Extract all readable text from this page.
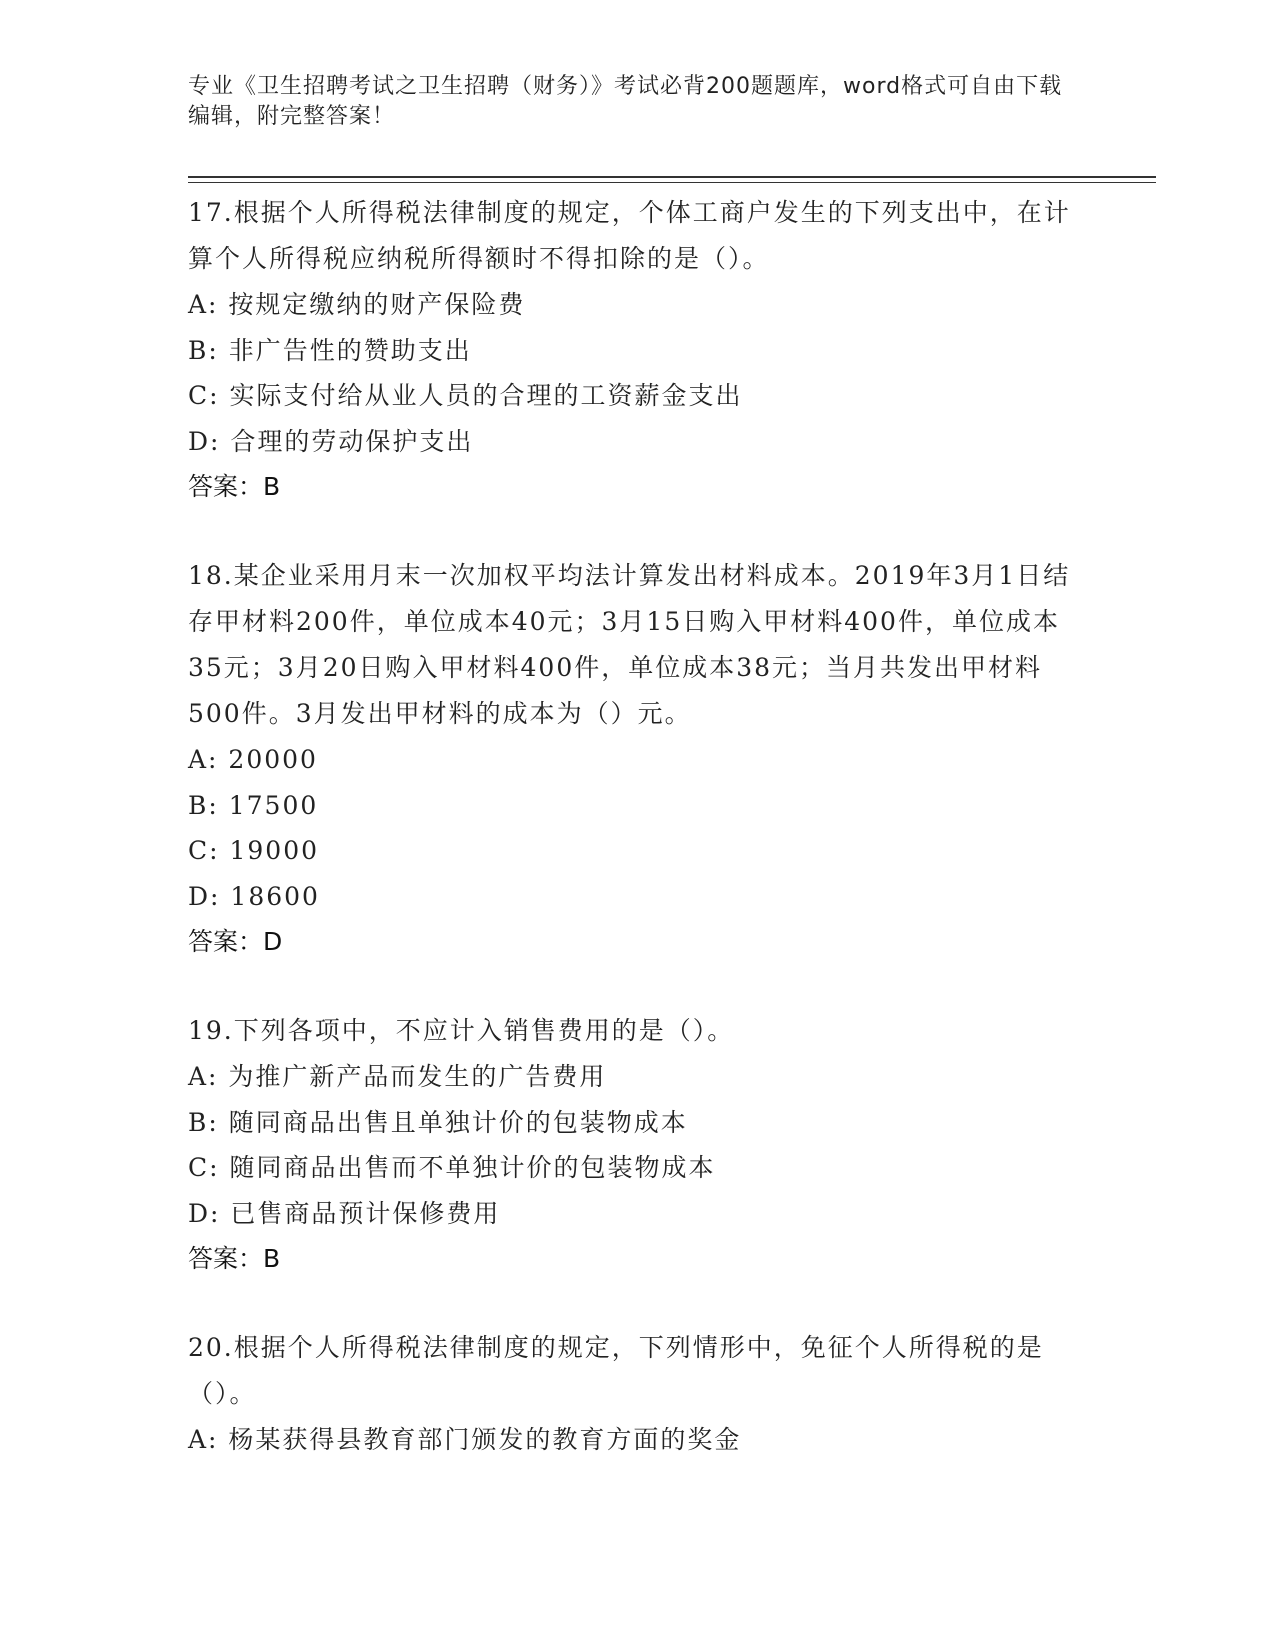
专业《卫生招聘考试之卫生招聘（财务）》考试必背200题题库，word格式可自由下载编辑，附完整答案！

17.根据个人所得税法律制度的规定，个体工商户发生的下列支出中，在计算个人所得税应纳税所得额时不得扣除的是（）。

A: 按规定缴纳的财产保险费

B: 非广告性的赞助支出

C: 实际支付给从业人员的合理的工资薪金支出

D: 合理的劳动保护支出

答案：B

18.某企业采用月末一次加权平均法计算发出材料成本。2019年3月1日结存甲材料200件，单位成本40元；3月15日购入甲材料400件，单位成本35元；3月20日购入甲材料400件，单位成本38元；当月共发出甲材料500件。3月发出甲材料的成本为（）元。

A: 20000

B: 17500

C: 19000

D: 18600

答案：D

19.下列各项中，不应计入销售费用的是（）。

A: 为推广新产品而发生的广告费用

B: 随同商品出售且单独计价的包装物成本

C: 随同商品出售而不单独计价的包装物成本

D: 已售商品预计保修费用

答案：B

20.根据个人所得税法律制度的规定，下列情形中，免征个人所得税的是（）。

A: 杨某获得县教育部门颁发的教育方面的奖金
